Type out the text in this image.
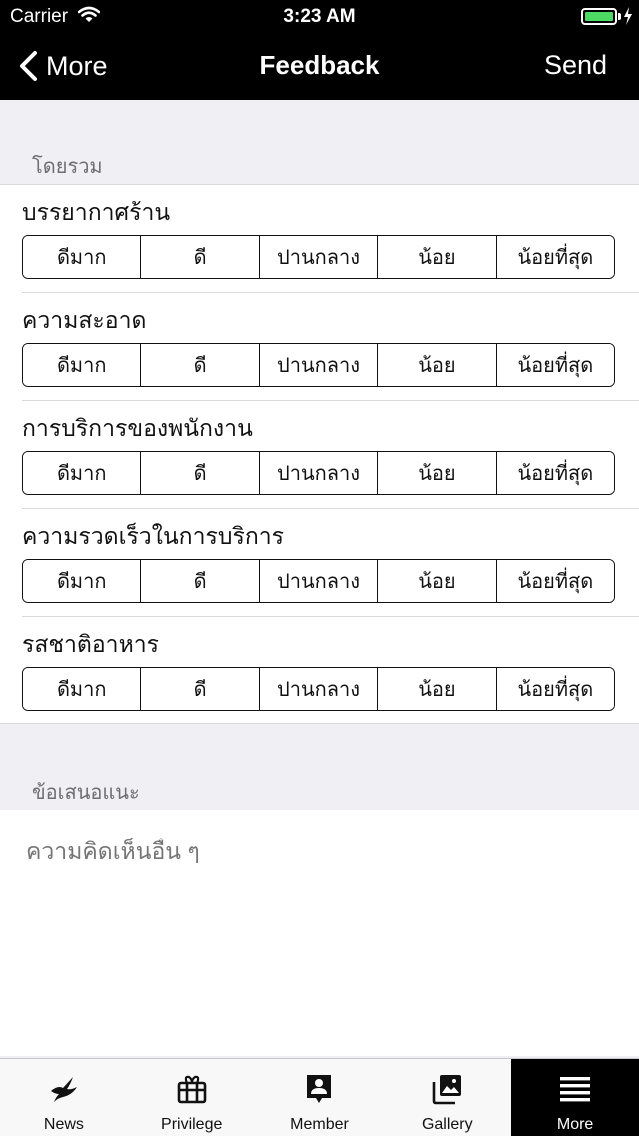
Carrier	3:23 AM
More	Feedback	Send
โดยรวม
บรรยากาศร้าน
ดีมาก	ดี	ปานกลาง	น้อย	น้อยที่สุด
ความสะอาด
ดีมาก	ดี	ปานกลาง	น้อย	น้อยที่สุด
การบริการของพนักงาน
ดีมาก	ดี	ปานกลาง	น้อย	น้อยที่สุด
ความรวดเร็วในการบริการ
ดีมาก	ดี	ปานกลาง	น้อย	น้อยที่สุด
รสชาติอาหาร
ดีมาก	ดี	ปานกลาง	น้อย	น้อยที่สุด
ข้อเสนอแนะ
ความคิดเห็นอื่น ๆ
News	Privilege	Member	Gallery	More
